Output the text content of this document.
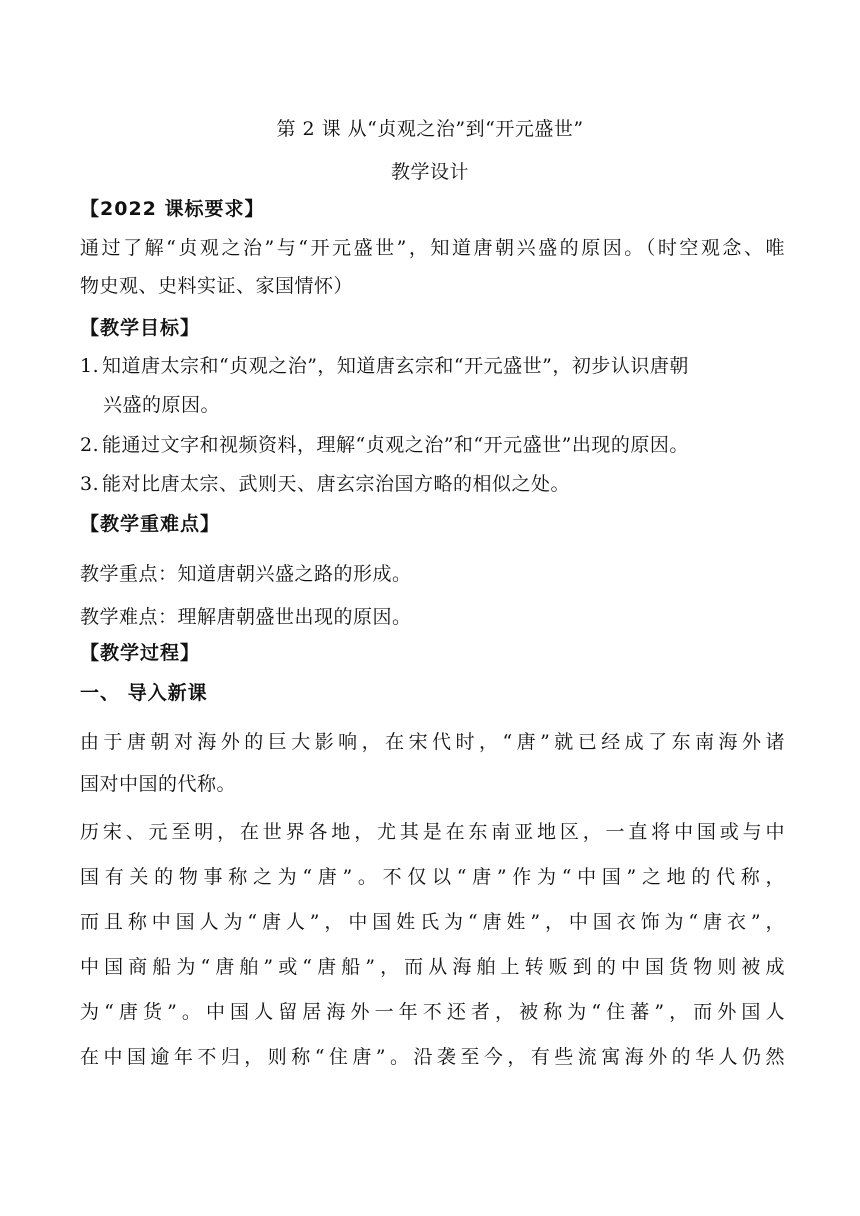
第 2 课 从“贞观之治”到“开元盛世”
教学设计
【2022 课标要求】
通过了解“贞观之治”与“开元盛世”，知道唐朝兴盛的原因。（时空观念、唯
物史观、史料实证、家国情怀）
【教学目标】
1. 知道唐太宗和“贞观之治”，知道唐玄宗和“开元盛世”，初步认识唐朝
兴盛的原因。
2. 能通过文字和视频资料，理解“贞观之治”和“开元盛世”出现的原因。
3. 能对比唐太宗、武则天、唐玄宗治国方略的相似之处。
【教学重难点】
教学重点：知道唐朝兴盛之路的形成。
教学难点：理解唐朝盛世出现的原因。
【教学过程】
一、 导入新课
由于唐朝对海外的巨大影响，在宋代时，“唐”就已经成了东南海外诸
国对中国的代称。
历宋、元至明，在世界各地，尤其是在东南亚地区，一直将中国或与中
国有关的物事称之为“唐”。不仅以“唐”作为“中国”之地的代称，
而且称中国人为“唐人”，中国姓氏为“唐姓”，中国衣饰为“唐衣”，
中国商船为“唐舶”或“唐船”，而从海舶上转贩到的中国货物则被成
为“唐货”。中国人留居海外一年不还者，被称为“住蕃”，而外国人
在中国逾年不归，则称“住唐”。沿袭至今，有些流寓海外的华人仍然
